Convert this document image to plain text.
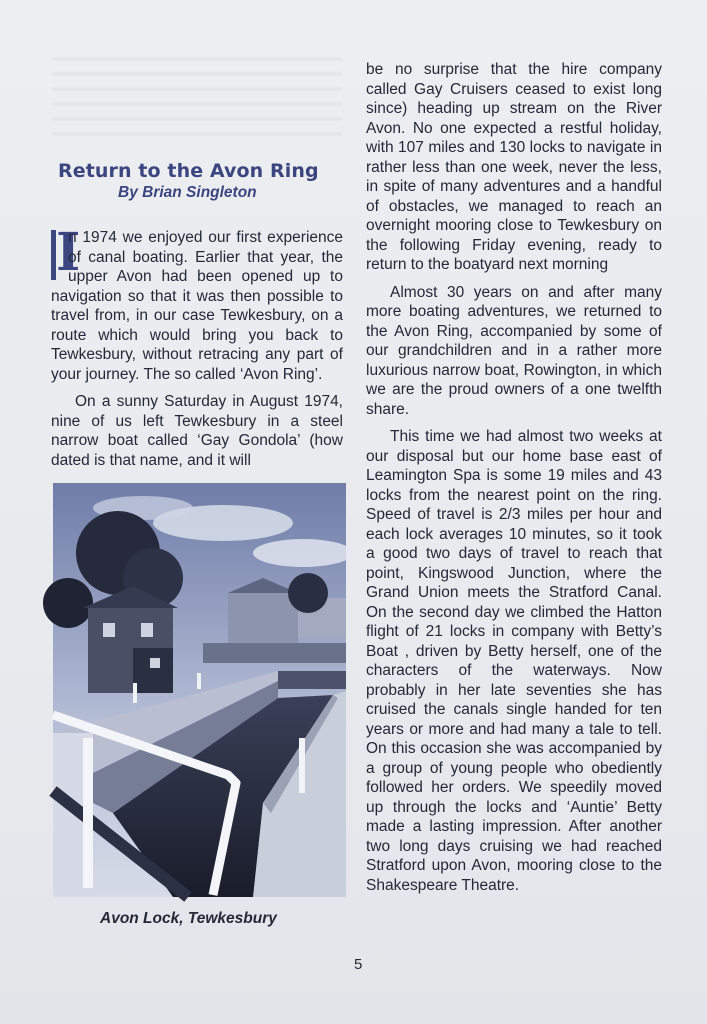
Return to the Avon Ring
By Brian Singleton

I
n 1974 we enjoyed our first experience of canal boating. Earlier that year, the upper Avon had been opened up to navigation so that it was then possible to travel from, in our case Tewkesbury, on a route which would bring you back to Tewkesbury, without retracing any part of your journey. The so called ‘Avon Ring’.

On a sunny Saturday in August 1974, nine of us left Tewkesbury in a steel narrow boat called ‘Gay Gondola’ (how dated is that name, and it will

Avon Lock, Tewkesbury

be no surprise that the hire company called Gay Cruisers ceased to exist long since) heading up stream on the River Avon. No one expected a restful holiday, with 107 miles and 130 locks to navigate in rather less than one week, never the less, in spite of many adventures and a handful of obstacles, we managed to reach an overnight mooring close to Tewkesbury on the following Friday evening, ready to return to the boatyard next morning

Almost 30 years on and after many more boating adventures, we returned to the Avon Ring, accompanied by some of our grandchildren and in a rather more luxurious narrow boat, Rowington, in which we are the proud owners of a one twelfth share.

This time we had almost two weeks at our disposal but our home base east of Leamington Spa is some 19 miles and 43 locks from the nearest point on the ring. Speed of travel is 2/3 miles per hour and each lock averages 10 minutes, so it took a good two days of travel to reach that point, Kingswood Junction, where the Grand Union meets the Stratford Canal. On the second day we climbed the Hatton flight of 21 locks in company with Betty’s Boat , driven by Betty herself, one of the characters of the waterways. Now probably in her late seventies she has cruised the canals single handed for ten years or more and had many a tale to tell. On this occasion she was accompanied by a group of young people who obediently followed her orders. We speedily moved up through the locks and ‘Auntie’ Betty made a lasting impression. After another two long days cruising we had reached Stratford upon Avon, mooring close to the Shakespeare Theatre.

5
